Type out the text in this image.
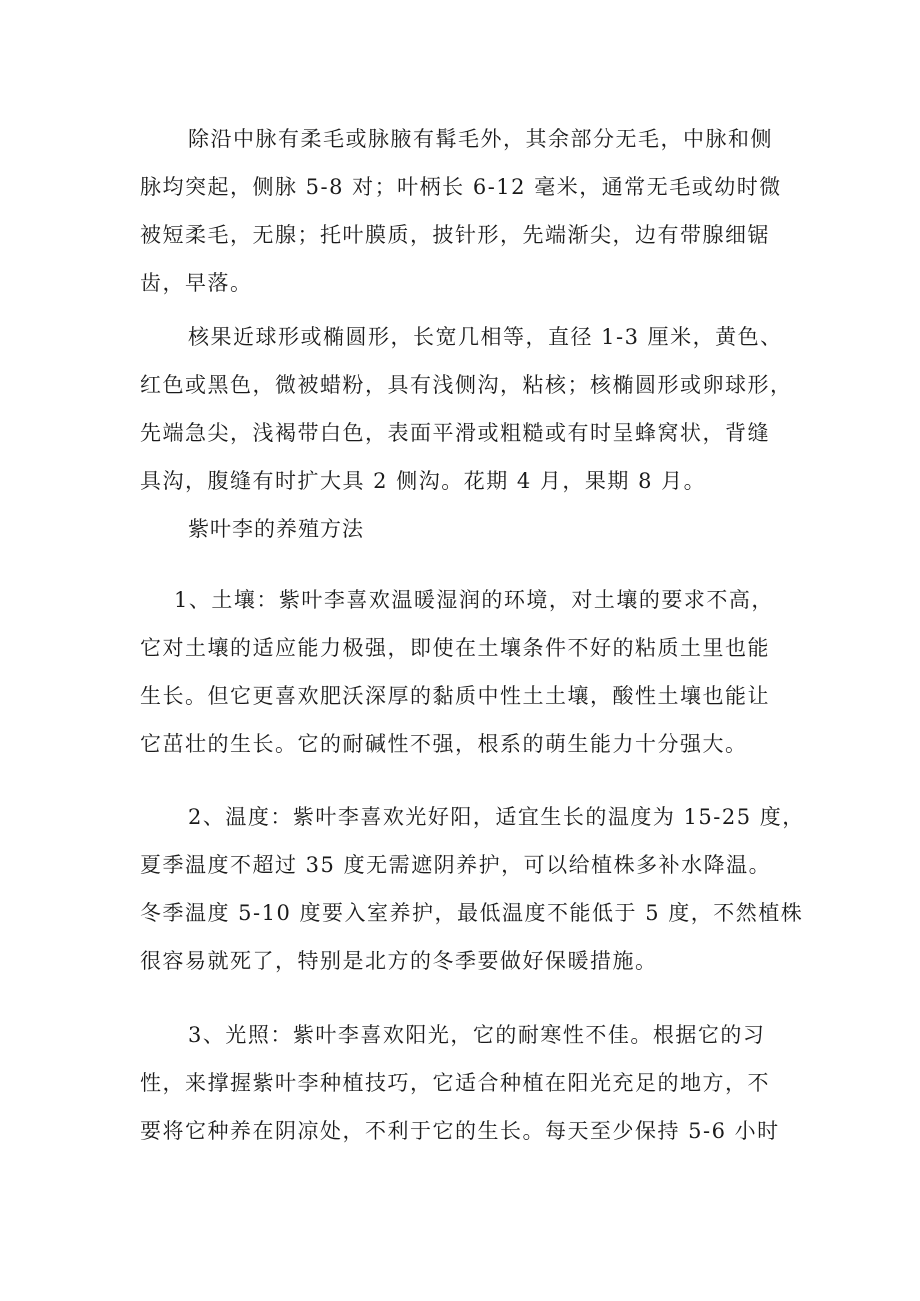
除沿中脉有柔毛或脉腋有髯毛外，其余部分无毛，中脉和侧
脉均突起，侧脉 5-8 对；叶柄长 6-12 毫米，通常无毛或幼时微
被短柔毛，无腺；托叶膜质，披针形，先端渐尖，边有带腺细锯
齿，早落。
核果近球形或椭圆形，长宽几相等，直径 1-3 厘米，黄色、
红色或黑色，微被蜡粉，具有浅侧沟，粘核；核椭圆形或卵球形，
先端急尖，浅褐带白色，表面平滑或粗糙或有时呈蜂窝状，背缝
具沟，腹缝有时扩大具 2 侧沟。花期 4 月，果期 8 月。
紫叶李的养殖方法
1、土壤：紫叶李喜欢温暖湿润的环境，对土壤的要求不高，
它对土壤的适应能力极强，即使在土壤条件不好的粘质土里也能
生长。但它更喜欢肥沃深厚的黏质中性土土壤，酸性土壤也能让
它茁壮的生长。它的耐碱性不强，根系的萌生能力十分强大。
2、温度：紫叶李喜欢光好阳，适宜生长的温度为 15-25 度，
夏季温度不超过 35 度无需遮阴养护，可以给植株多补水降温。
冬季温度 5-10 度要入室养护，最低温度不能低于 5 度，不然植株
很容易就死了，特别是北方的冬季要做好保暖措施。
3、光照：紫叶李喜欢阳光，它的耐寒性不佳。根据它的习
性，来撑握紫叶李种植技巧，它适合种植在阳光充足的地方，不
要将它种养在阴凉处，不利于它的生长。每天至少保持 5-6 小时
